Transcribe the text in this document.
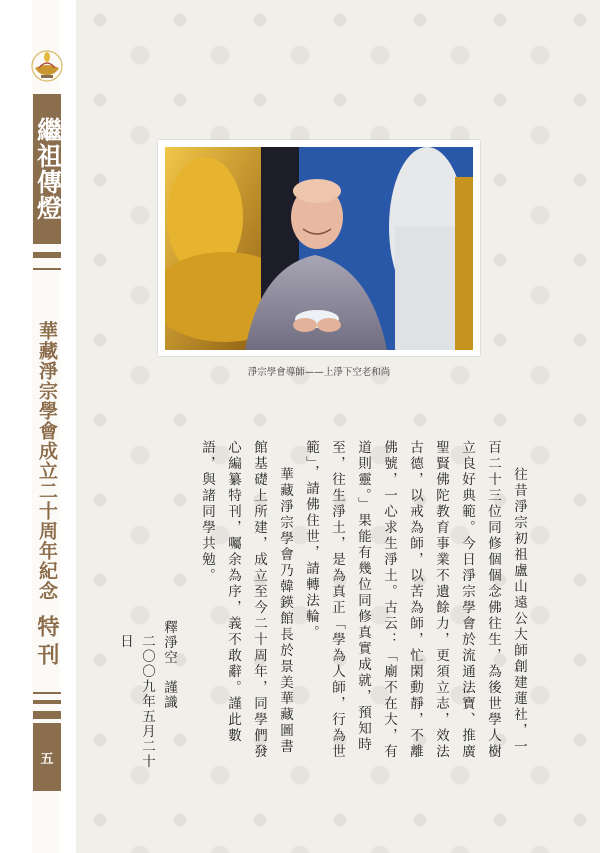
繼祖傳燈
華藏淨宗學會成立二十周年紀念
特刊
五
淨宗學會導師——上淨下空老和尚

往昔淨宗初祖盧山遠公大師創建蓮社，一百二十三位同修個個念佛往生，為後世學人樹立良好典範。今日淨宗學會於流通法寶、推廣聖賢佛陀教育事業不遺餘力，更須立志，效法古德，以戒為師，以苦為師，忙閑動靜，不離佛號，一心求生淨土。古云：「廟不在大，有道則靈。」果能有幾位同修真實成就，預知時至，往生淨土，是為真正「學為人師，行為世範」，請佛住世，請轉法輪。

華藏淨宗學會乃韓鍈館長於景美華藏圖書館基礎上所建，成立至今二十周年，同學們發心編纂特刊，囑余為序，義不敢辭。謹此數語，與諸同學共勉。

釋淨空　謹識
二〇〇九年五月二十日
